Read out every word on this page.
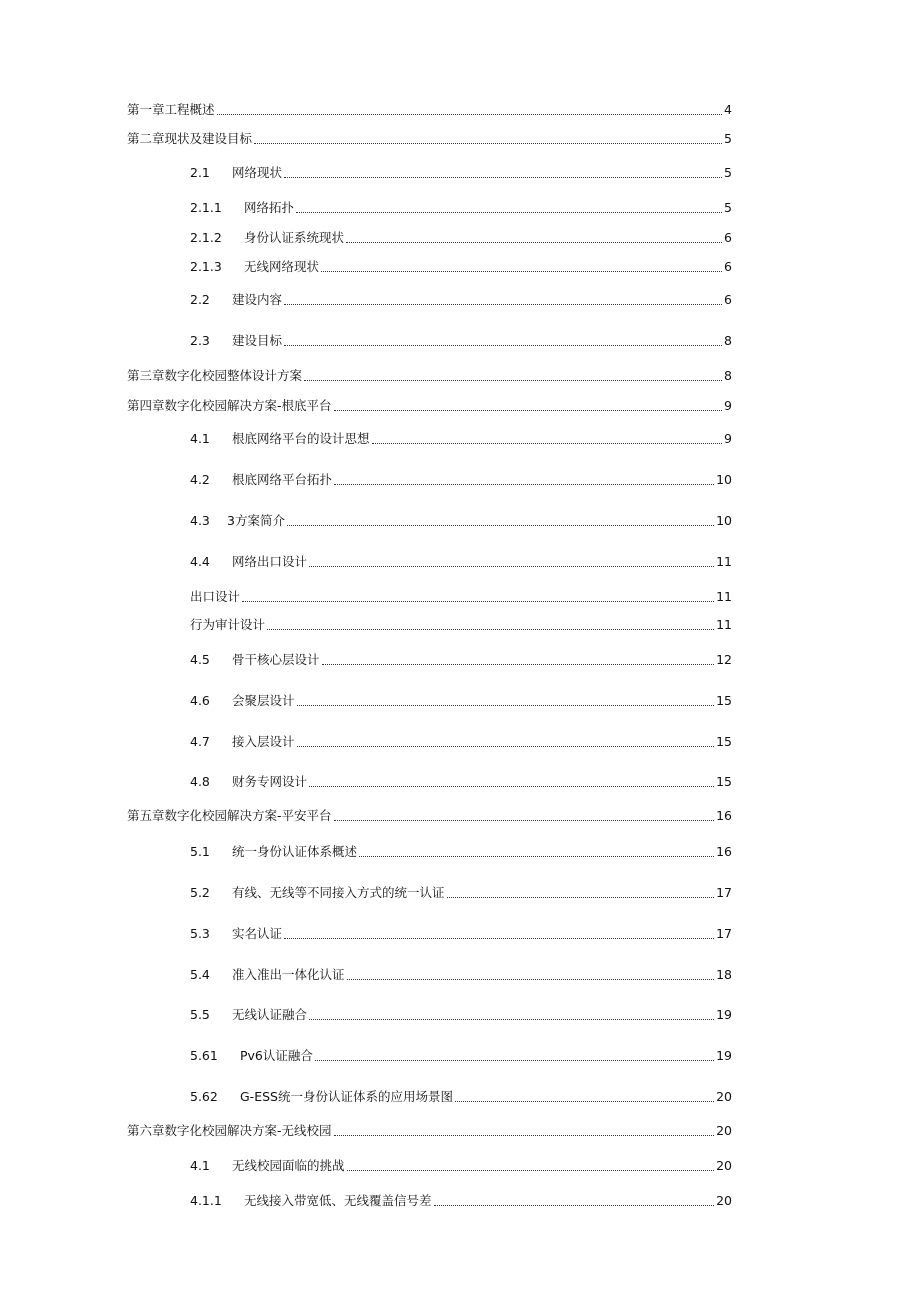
第一章工程概述	4
第二章现状及建设目标	5
2.1	网络现状	5
2.1.1	网络拓扑	5
2.1.2	身份认证系统现状	6
2.1.3	无线网络现状	6
2.2	建设内容	6
2.3	建设目标	8
第三章数字化校园整体设计方案	8
第四章数字化校园解决方案-根底平台	9
4.1	根底网络平台的设计思想	9
4.2	根底网络平台拓扑	10
4.3	3方案简介	10
4.4	网络出口设计	11
出口设计	11
行为审计设计	11
4.5	骨干核心层设计	12
4.6	会聚层设计	15
4.7	接入层设计	15
4.8	财务专网设计	15
第五章数字化校园解决方案-平安平台	16
5.1	统一身份认证体系概述	16
5.2	有线、无线等不同接入方式的统一认证	17
5.3	实名认证	17
5.4	准入准出一体化认证	18
5.5	无线认证融合	19
5.61	Pv6认证融合	19
5.62	G-ESS统一身份认证体系的应用场景图	20
第六章数字化校园解决方案-无线校园	20
4.1	无线校园面临的挑战	20
4.1.1	无线接入带宽低、无线覆盖信号差	20
